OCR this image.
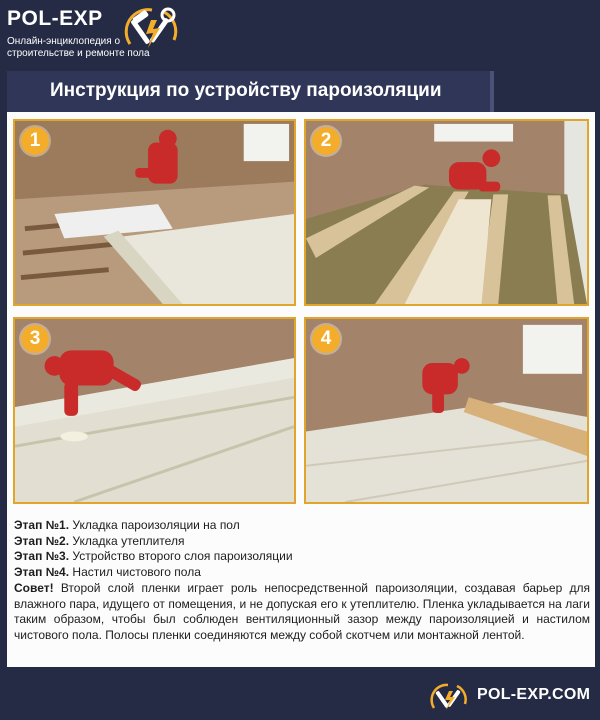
POL-EXP
Онлайн-энциклопедия о
строительстве и ремонте пола
Инструкция по устройству пароизоляции
1	2
3	4
Этап №1. Укладка пароизоляции на пол
Этап №2. Укладка утеплителя
Этап №3. Устройство второго слоя пароизоляции
Этап №4. Настил чистового пола
Совет! Второй слой пленки играет роль непосредственной пароизоляции, создавая барьер для влажного пара, идущего от помещения, и не допуская его к утеплителю. Пленка укладывается на лаги таким образом, чтобы был соблюден вентиляционный зазор между пароизоляцией и настилом чистового пола. Полосы пленки соединяются между собой скотчем или монтажной лентой.
POL-EXP.COM
